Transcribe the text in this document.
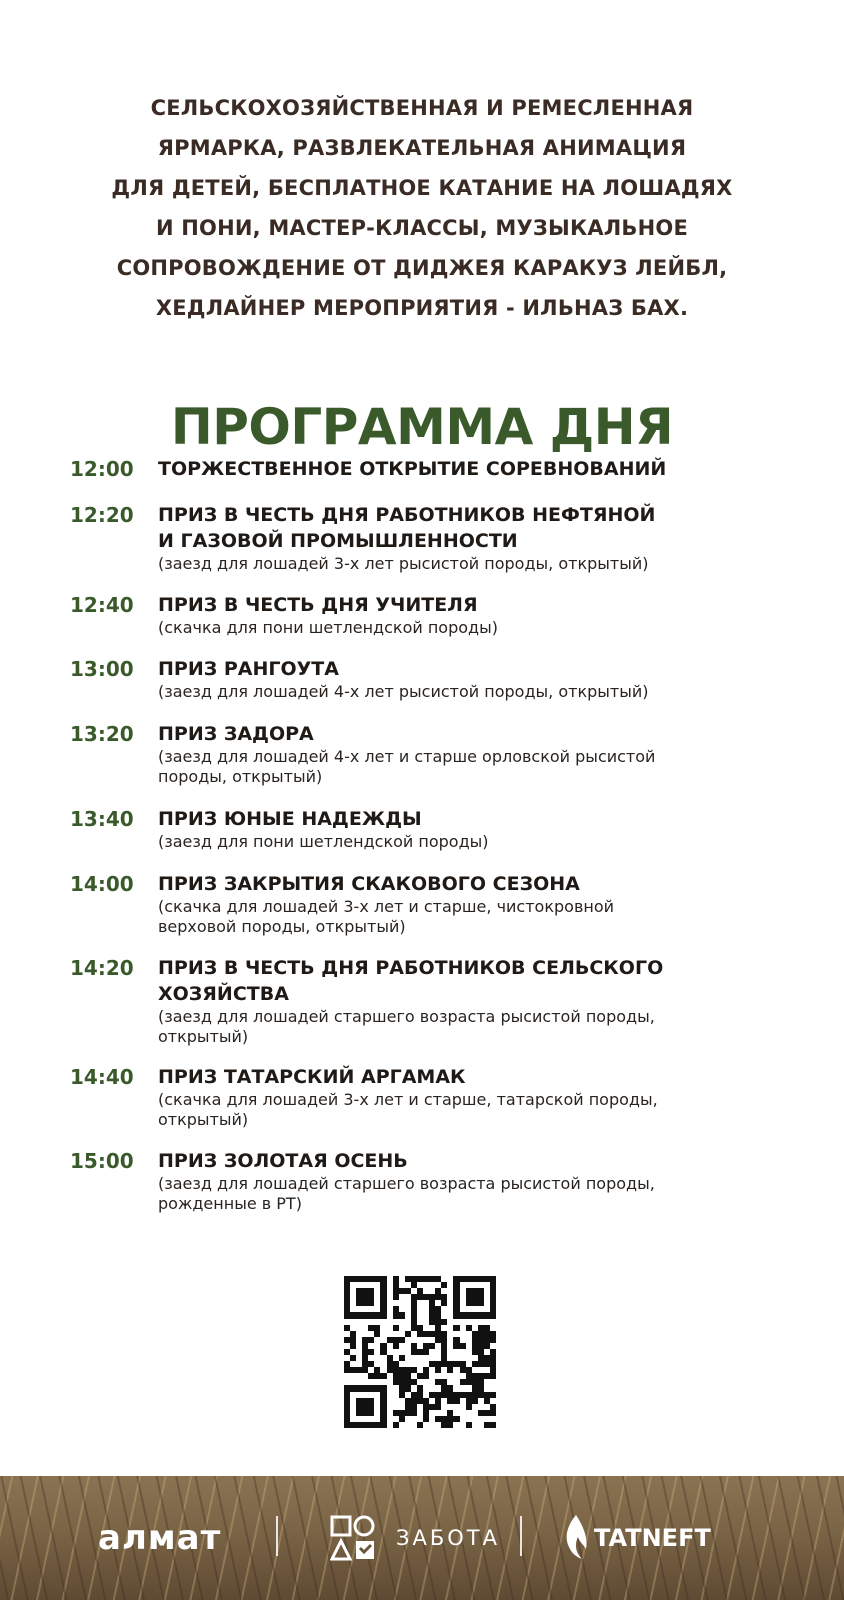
СЕЛЬСКОХОЗЯЙСТВЕННАЯ И РЕМЕСЛЕННАЯ
ЯРМАРКА, РАЗВЛЕКАТЕЛЬНАЯ АНИМАЦИЯ
ДЛЯ ДЕТЕЙ, БЕСПЛАТНОЕ КАТАНИЕ НА ЛОШАДЯХ
И ПОНИ, МАСТЕР-КЛАССЫ, МУЗЫКАЛЬНОЕ
СОПРОВОЖДЕНИЕ ОТ ДИДЖЕЯ КАРАКУЗ ЛЕЙБЛ,
ХЕДЛАЙНЕР МЕРОПРИЯТИЯ - ИЛЬНАЗ БАХ.
ПРОГРАММА ДНЯ
12:00	ТОРЖЕСТВЕННОЕ ОТКРЫТИЕ СОРЕВНОВАНИЙ
12:20	ПРИЗ В ЧЕСТЬ ДНЯ РАБОТНИКОВ НЕФТЯНОЙ
И ГАЗОВОЙ ПРОМЫШЛЕННОСТИ
(заезд для лошадей 3-х лет рысистой породы, открытый)
12:40	ПРИЗ В ЧЕСТЬ ДНЯ УЧИТЕЛЯ
(скачка для пони шетлендской породы)
13:00	ПРИЗ РАНГОУТА
(заезд для лошадей 4-х лет рысистой породы, открытый)
13:20	ПРИЗ ЗАДОРА
(заезд для лошадей 4-х лет и старше орловской рысистой
породы, открытый)
13:40	ПРИЗ ЮНЫЕ НАДЕЖДЫ
(заезд для пони шетлендской породы)
14:00	ПРИЗ ЗАКРЫТИЯ СКАКОВОГО СЕЗОНА
(скачка для лошадей 3-х лет и старше, чистокровной
верховой породы, открытый)
14:20	ПРИЗ В ЧЕСТЬ ДНЯ РАБОТНИКОВ СЕЛЬСКОГО
ХОЗЯЙСТВА
(заезд для лошадей старшего возраста рысистой породы,
открытый)
14:40	ПРИЗ ТАТАРСКИЙ АРГАМАК
(скачка для лошадей 3-х лет и старше, татарской породы,
открытый)
15:00	ПРИЗ ЗОЛОТАЯ ОСЕНЬ
(заезд для лошадей старшего возраста рысистой породы,
рожденные в РТ)
алмат	ЗАБОТА	TATNEFT
